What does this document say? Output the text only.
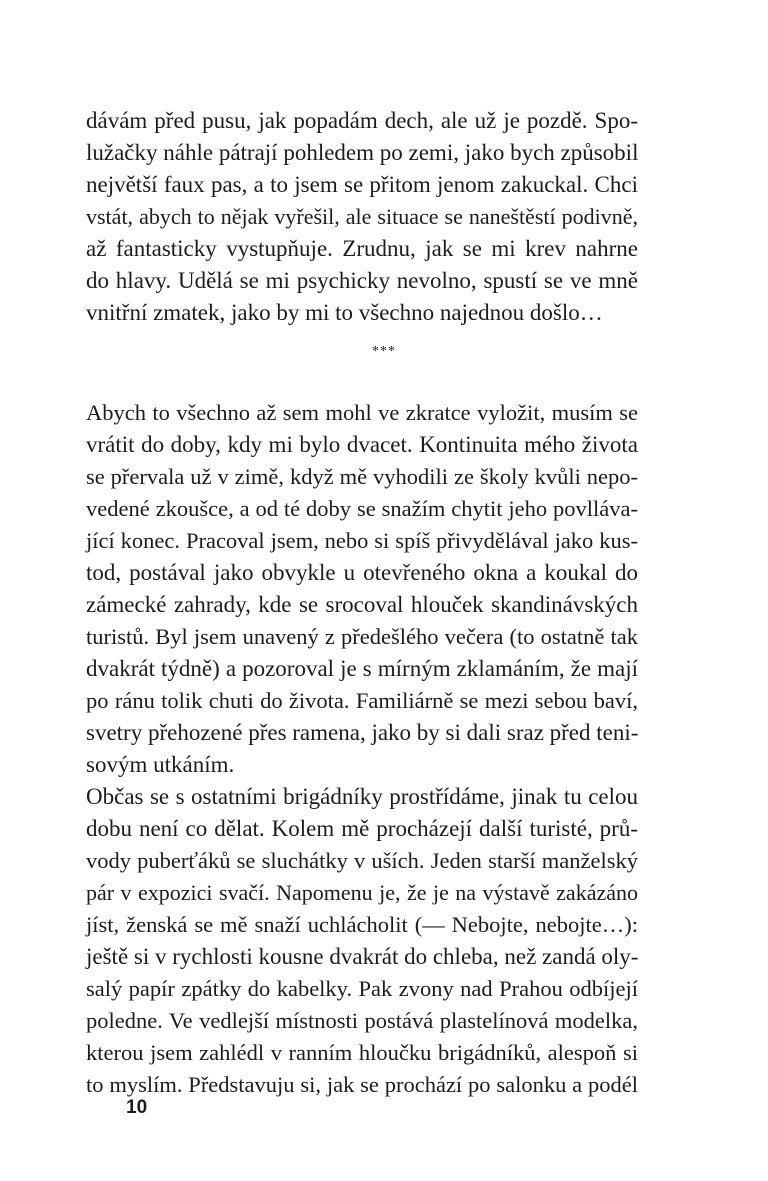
dávám před pusu, jak popadám dech, ale už je pozdě. Spo-

lužačky náhle pátrají pohledem po zemi, jako bych způsobil

největší faux pas, a to jsem se přitom jenom zakuckal. Chci

vstát, abych to nějak vyřešil, ale situace se naneštěstí podivně,

až fantasticky vystupňuje. Zrudnu, jak se mi krev nahrne

do hlavy. Udělá se mi psychicky nevolno, spustí se ve mně

vnitřní zmatek, jako by mi to všechno najednou došlo…

***

Abych to všechno až sem mohl ve zkratce vyložit, musím se

vrátit do doby, kdy mi bylo dvacet. Kontinuita mého života

se přervala už v zimě, když mě vyhodili ze školy kvůli nepo-

vedené zkoušce, a od té doby se snažím chytit jeho povlláva-

jící konec. Pracoval jsem, nebo si spíš přivydělával jako kus-

tod, postával jako obvykle u otevřeného okna a koukal do

zámecké zahrady, kde se srocoval hlouček skandinávských

turistů. Byl jsem unavený z předešlého večera (to ostatně tak

dvakrát týdně) a pozoroval je s mírným zklamáním, že mají

po ránu tolik chuti do života. Familiárně se mezi sebou baví,

svetry přehozené přes ramena, jako by si dali sraz před teni-

sovým utkáním.

Občas se s ostatními brigádníky prostřídáme, jinak tu celou

dobu není co dělat. Kolem mě procházejí další turisté, prů-

vody puberťáků se sluchátky v uších. Jeden starší manželský

pár v expozici svačí. Napomenu je, že je na výstavě zakázáno

jíst, ženská se mě snaží uchlácholit (— Nebojte, nebojte…):

ještě si v rychlosti kousne dvakrát do chleba, než zandá oly-

salý papír zpátky do kabelky. Pak zvony nad Prahou odbíjejí

poledne. Ve vedlejší místnosti postává plastelínová modelka,

kterou jsem zahlédl v ranním hloučku brigádníků, alespoň si

to myslím. Představuju si, jak se prochází po salonku a podél

10
